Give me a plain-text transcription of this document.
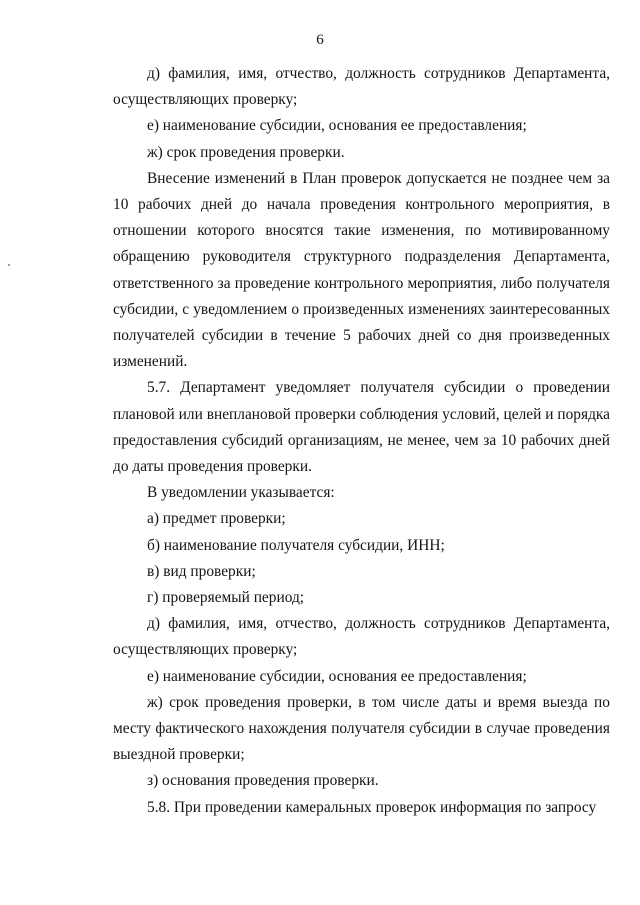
6

д) фамилия, имя, отчество, должность сотрудников Департамента, осуществляющих проверку;

е) наименование субсидии, основания ее предоставления;

ж) срок проведения проверки.

Внесение изменений в План проверок допускается не позднее чем за 10 рабочих дней до начала проведения контрольного мероприятия, в отношении которого вносятся такие изменения, по мотивированному обращению руководителя структурного подразделения Департамента, ответственного за проведение контрольного мероприятия, либо получателя субсидии, с уведомлением о произведенных изменениях заинтересованных получателей субсидии в течение 5 рабочих дней со дня произведенных изменений.

5.7. Департамент уведомляет получателя субсидии о проведении плановой или внеплановой проверки соблюдения условий, целей и порядка предоставления субсидий организациям, не менее, чем за 10 рабочих дней до даты проведения проверки.

В уведомлении указывается:

а) предмет проверки;

б) наименование получателя субсидии, ИНН;

в) вид проверки;

г) проверяемый период;

д) фамилия, имя, отчество, должность сотрудников Департамента, осуществляющих проверку;

е) наименование субсидии, основания ее предоставления;

ж) срок проведения проверки, в том числе даты и время выезда по месту фактического нахождения получателя субсидии в случае проведения выездной проверки;

з) основания проведения проверки.

5.8. При проведении камеральных проверок информация по запросу
